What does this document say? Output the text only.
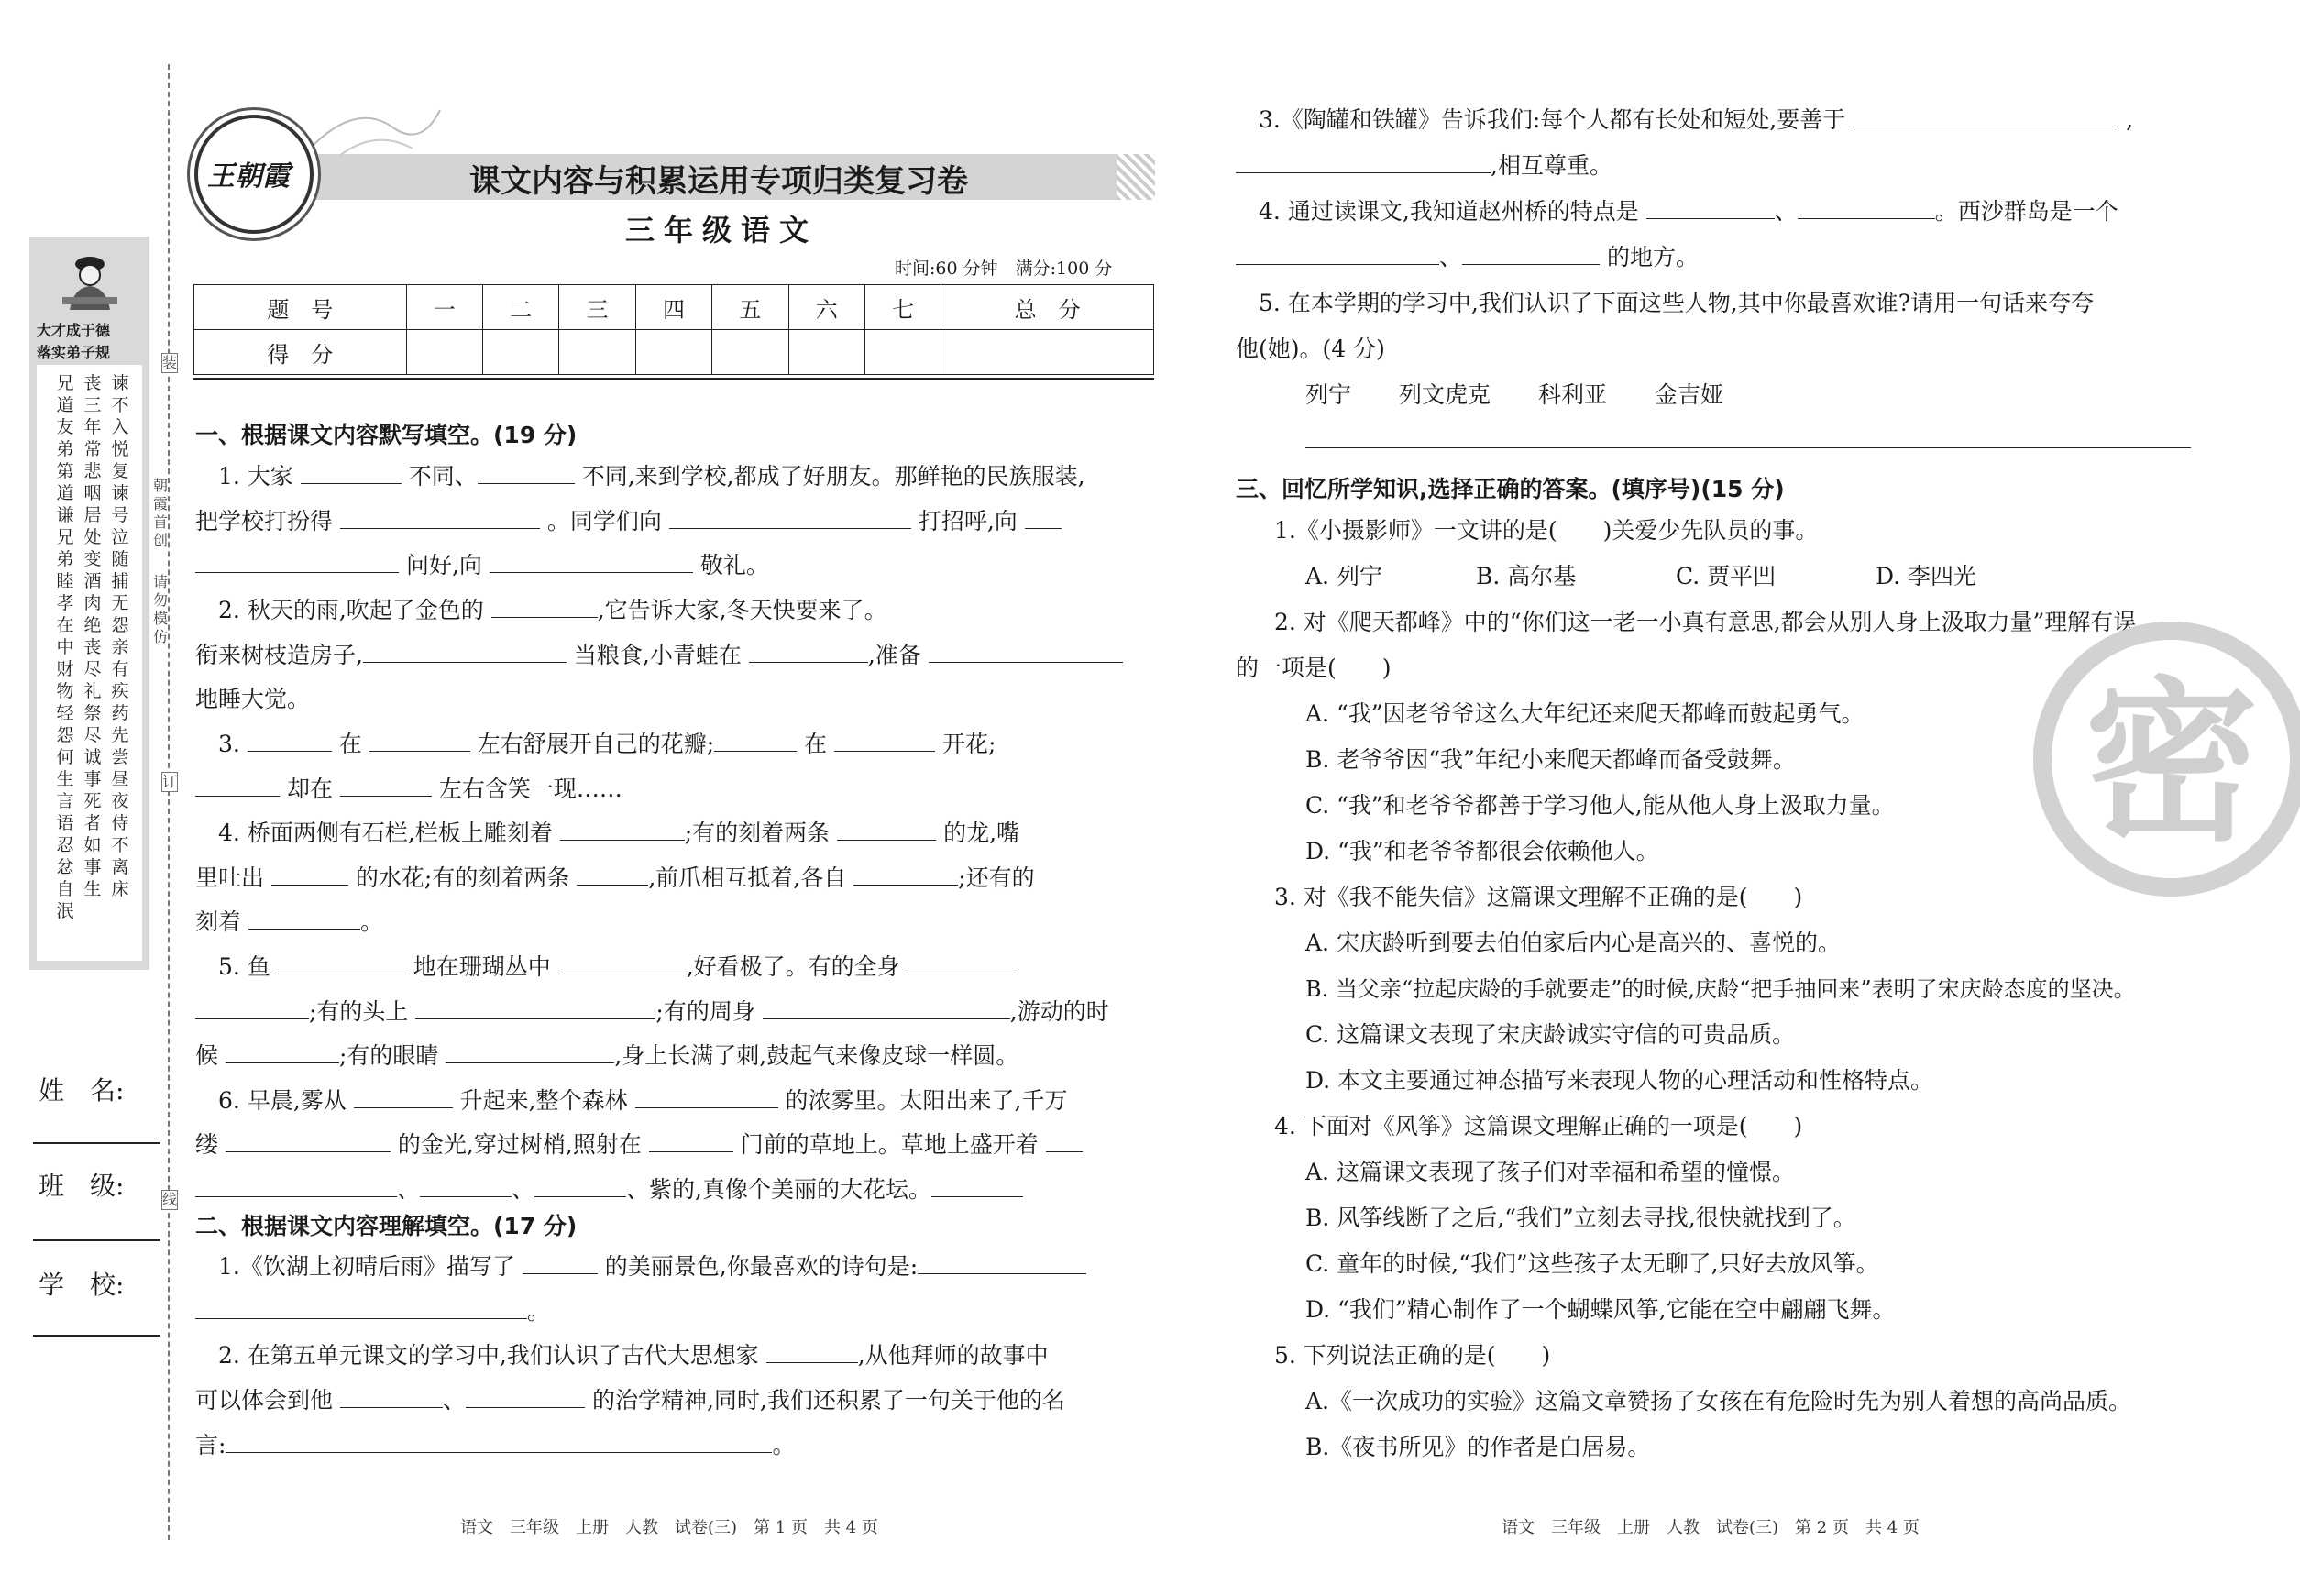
装
订
线
朝霞首创
请勿模仿
大才成于德
落实弟子规
兄道友弟第道谦兄弟睦孝在中财物轻怨何生言语忍忿自泯
丧三年常悲咽居处变酒肉绝丧尽礼祭尽诚事死者如事生
谏不入悦复谏号泣随捕无怨亲有疾药先尝昼夜侍不离床
姓　名:
班　级:
学　校:
王朝霞	课文内容与积累运用专项归类复习卷
三年级语文
时间:60 分钟　满分:100 分
题　号	一	二	三	四	五	六	七	总　分
得　分								
一、根据课文内容默写填空。(19 分)
　1. 大家	不同、	不同,来到学校,都成了好朋友。那鲜艳的民族服装,
把学校打扮得	。同学们向	打招呼,向
问好,向	敬礼。
　2. 秋天的雨,吹起了金色的	,它告诉大家,冬天快要来了。
衔来树枝造房子,	当粮食,小青蛙在	,准备
地睡大觉。
　3.	在	左右舒展开自己的花瓣;	在	开花;
却在	左右含笑一现……
　4. 桥面两侧有石栏,栏板上雕刻着	;有的刻着两条	的龙,嘴
里吐出	的水花;有的刻着两条	,前爪相互抵着,各自	;还有的
刻着	。
　5. 鱼	地在珊瑚丛中	,好看极了。有的全身
;有的头上	;有的周身	,游动的时
候	;有的眼睛	,身上长满了刺,鼓起气来像皮球一样圆。
　6. 早晨,雾从	升起来,整个森林	的浓雾里。太阳出来了,千万
缕	的金光,穿过树梢,照射在	门前的草地上。草地上盛开着
、	、	、紫的,真像个美丽的大花坛。
二、根据课文内容理解填空。(17 分)
　1.《饮湖上初晴后雨》描写了	的美丽景色,你最喜欢的诗句是:
。
　2. 在第五单元课文的学习中,我们认识了古代大思想家	,从他拜师的故事中
可以体会到他	、	的治学精神,同时,我们还积累了一句关于他的名
言:	。
语文　三年级　上册　人教　试卷(三)　第 1 页　共 4 页
　3.《陶罐和铁罐》告诉我们:每个人都有长处和短处,要善于	,
,相互尊重。
　4. 通过读课文,我知道赵州桥的特点是	、	。西沙群岛是一个
、	的地方。
　5. 在本学期的学习中,我们认识了下面这些人物,其中你最喜欢谁?请用一句话来夸夸
他(她)。(4 分)
列宁 列文虎克 科利亚 金吉娅
三、回忆所学知识,选择正确的答案。(填序号)(15 分)
1.《小摄影师》一文讲的是(　　)关爱少先队员的事。
A. 列宁	B. 高尔基	C. 贾平凹	D. 李四光
2. 对《爬天都峰》中的“你们这一老一小真有意思,都会从别人身上汲取力量”理解有误
的一项是(　　)
A. “我”因老爷爷这么大年纪还来爬天都峰而鼓起勇气。
B. 老爷爷因“我”年纪小来爬天都峰而备受鼓舞。
C. “我”和老爷爷都善于学习他人,能从他人身上汲取力量。
D. “我”和老爷爷都很会依赖他人。
3. 对《我不能失信》这篇课文理解不正确的是(　　)
A. 宋庆龄听到要去伯伯家后内心是高兴的、喜悦的。
B. 当父亲“拉起庆龄的手就要走”的时候,庆龄“把手抽回来”表明了宋庆龄态度的坚决。
C. 这篇课文表现了宋庆龄诚实守信的可贵品质。
D. 本文主要通过神态描写来表现人物的心理活动和性格特点。
4. 下面对《风筝》这篇课文理解正确的一项是(　　)
A. 这篇课文表现了孩子们对幸福和希望的憧憬。
B. 风筝线断了之后,“我们”立刻去寻找,很快就找到了。
C. 童年的时候,“我们”这些孩子太无聊了,只好去放风筝。
D. “我们”精心制作了一个蝴蝶风筝,它能在空中翩翩飞舞。
5. 下列说法正确的是(　　)
A.《一次成功的实验》这篇文章赞扬了女孩在有危险时先为别人着想的高尚品质。
B.《夜书所见》的作者是白居易。
密
语文　三年级　上册　人教　试卷(三)　第 2 页　共 4 页
